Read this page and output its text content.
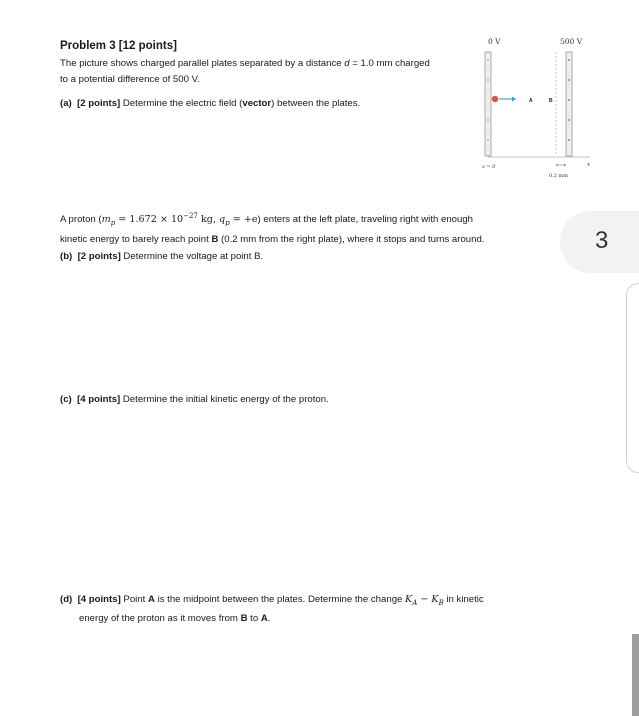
Problem 3 [12 points]
The picture shows charged parallel plates separated by a distance d = 1.0 mm charged
to a potential difference of 500 V.
(a) [2 points] Determine the electric field (vector) between the plates.
0 V	500 V
A	B
x = 0	x
0.2 mm
A proton ($m_p = 1.672 \times 10^{-27}$ kg, $q_p = +e$) enters at the left plate, traveling right with enough
kinetic energy to barely reach point B (0.2 mm from the right plate), where it stops and turns around.
(b) [2 points] Determine the voltage at point B.
(c) [4 points] Determine the initial kinetic energy of the proton.
(d) [4 points] Point A is the midpoint between the plates. Determine the change $K_A - K_B$ in kinetic

energy of the proton as it moves from B to A.
3
